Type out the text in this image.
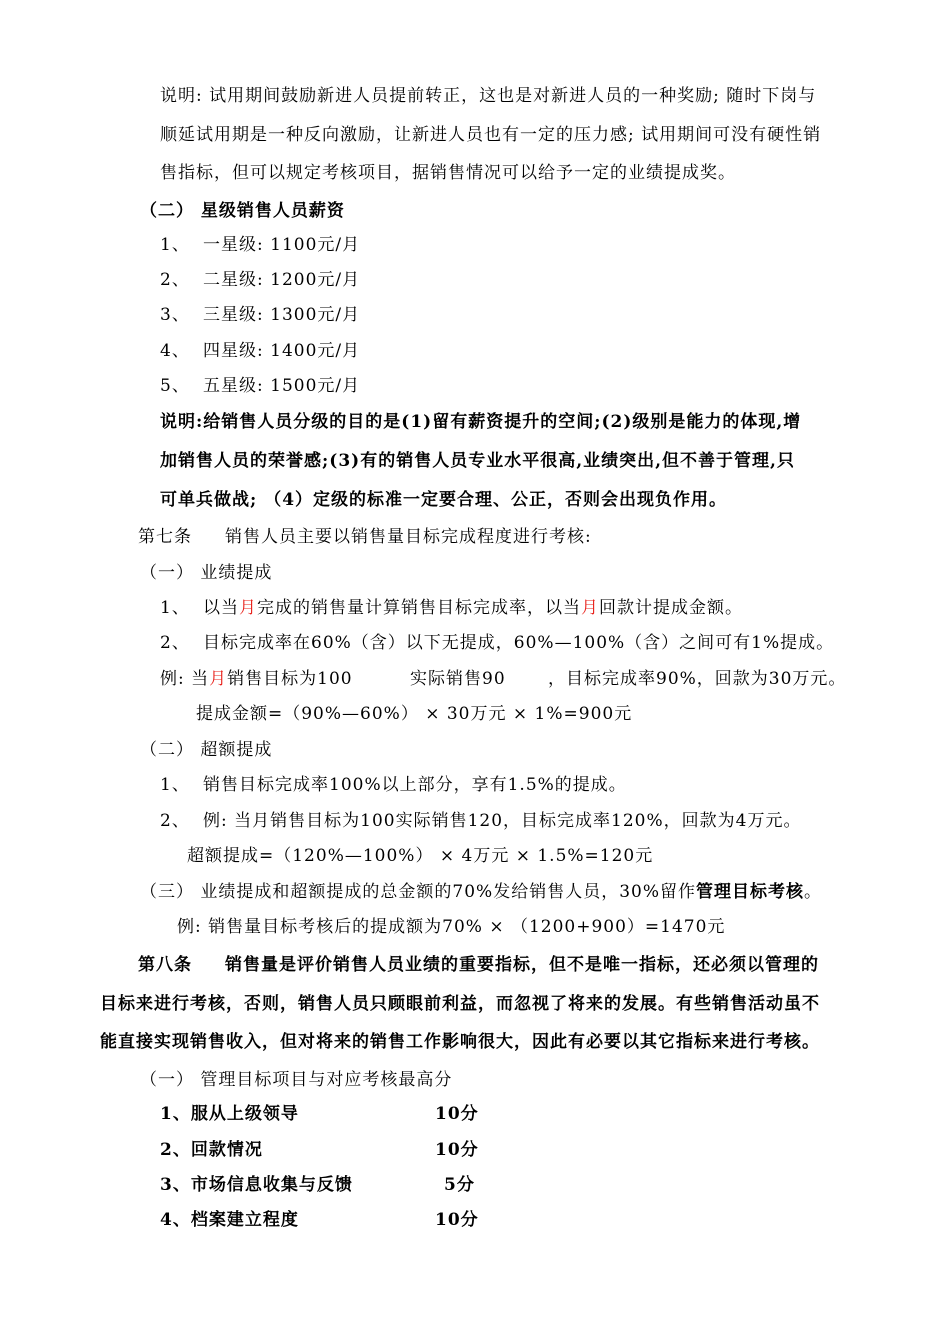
说明: 试用期间鼓励新进人员提前转正，这也是对新进人员的一种奖励; 随时下岗与
顺延试用期是一种反向激励，让新进人员也有一定的压力感; 试用期间可没有硬性销
售指标，但可以规定考核项目，据销售情况可以给予一定的业绩提成奖。
（二） 星级销售人员薪资
1、 一星级: 1100元/月
2、 二星级: 1200元/月
3、 三星级: 1300元/月
4、 四星级: 1400元/月
5、 五星级: 1500元/月
说明:给销售人员分级的目的是(1)留有薪资提升的空间;(2)级别是能力的体现,增
加销售人员的荣誉感;(3)有的销售人员专业水平很高,业绩突出,但不善于管理,只
可单兵做战; （4）定级的标准一定要合理、公正，否则会出现负作用。
第七条 销售人员主要以销售量目标完成程度进行考核:
（一） 业绩提成
1、 以当月完成的销售量计算销售目标完成率，以当月回款计提成金额。
2、 目标完成率在60%（含）以下无提成，60%—100%（含）之间可有1%提成。
例: 当月销售目标为100	实际销售90 ，目标完成率90%，回款为30万元。
提成金额=（90%—60%） × 30万元 × 1%=900元
（二） 超额提成
1、 销售目标完成率100%以上部分，享有1.5%的提成。
2、 例: 当月销售目标为100实际销售120，目标完成率120%，回款为4万元。
超额提成=（120%—100%） × 4万元 × 1.5%=120元
（三） 业绩提成和超额提成的总金额的70%发给销售人员，30%留作管理目标考核。
例: 销售量目标考核后的提成额为70% × （1200+900）=1470元
第八条 销售量是评价销售人员业绩的重要指标，但不是唯一指标，还必须以管理的
目标来进行考核，否则，销售人员只顾眼前利益，而忽视了将来的发展。有些销售活动虽不
能直接实现销售收入，但对将来的销售工作影响很大，因此有必要以其它指标来进行考核。
（一） 管理目标项目与对应考核最高分
1、服从上级领导	10分
2、回款情况	10分
3、市场信息收集与反馈	5分
4、档案建立程度	10分
